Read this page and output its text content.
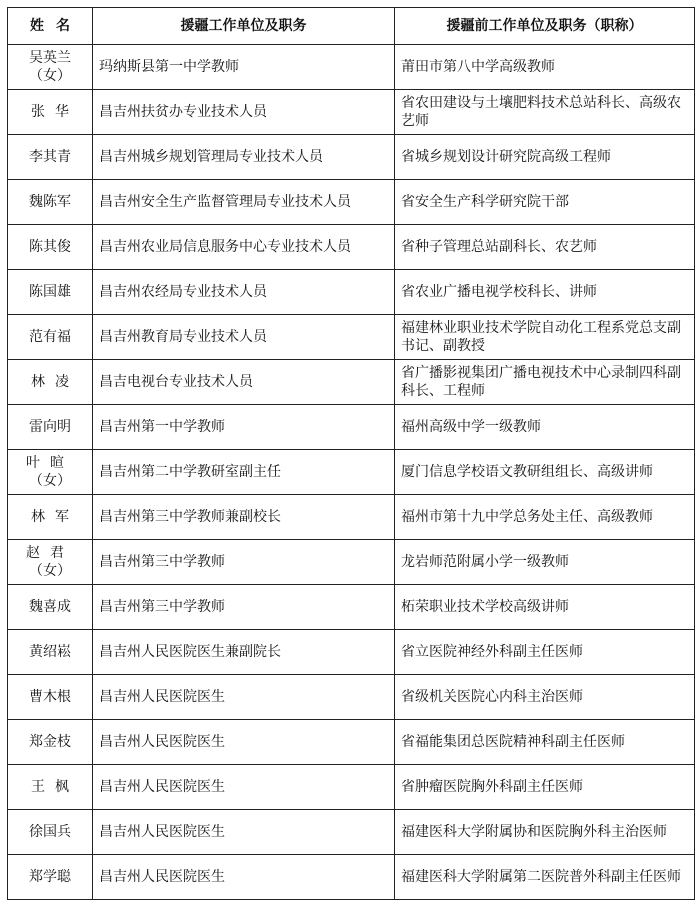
姓名	援疆工作单位及职务	援疆前工作单位及职务（职称）

吴英兰
（女）	玛纳斯县第一中学教师	莆田市第八中学高级教师

张华	昌吉州扶贫办专业技术人员	省农田建设与土壤肥料技术总站科长、高级农艺师

李其青	昌吉州城乡规划管理局专业技术人员	省城乡规划设计研究院高级工程师

魏陈军	昌吉州安全生产监督管理局专业技术人员	省安全生产科学研究院干部

陈其俊	昌吉州农业局信息服务中心专业技术人员	省种子管理总站副科长、农艺师

陈国雄	昌吉州农经局专业技术人员	省农业广播电视学校科长、讲师

范有福	昌吉州教育局专业技术人员	福建林业职业技术学院自动化工程系党总支副书记、副教授

林凌	昌吉电视台专业技术人员	省广播影视集团广播电视技术中心录制四科副科长、工程师

雷向明	昌吉州第一中学教师	福州高级中学一级教师

叶暄
（女）	昌吉州第二中学教研室副主任	厦门信息学校语文教研组组长、高级讲师

林军	昌吉州第三中学教师兼副校长	福州市第十九中学总务处主任、高级教师

赵君
（女）	昌吉州第三中学教师	龙岩师范附属小学一级教师

魏喜成	昌吉州第三中学教师	柘荣职业技术学校高级讲师

黄绍崧	昌吉州人民医院医生兼副院长	省立医院神经外科副主任医师

曹木根	昌吉州人民医院医生	省级机关医院心内科主治医师

郑金枝	昌吉州人民医院医生	省福能集团总医院精神科副主任医师

王枫	昌吉州人民医院医生	省肿瘤医院胸外科副主任医师

徐国兵	昌吉州人民医院医生	福建医科大学附属协和医院胸外科主治医师

郑学聪	昌吉州人民医院医生	福建医科大学附属第二医院普外科副主任医师
